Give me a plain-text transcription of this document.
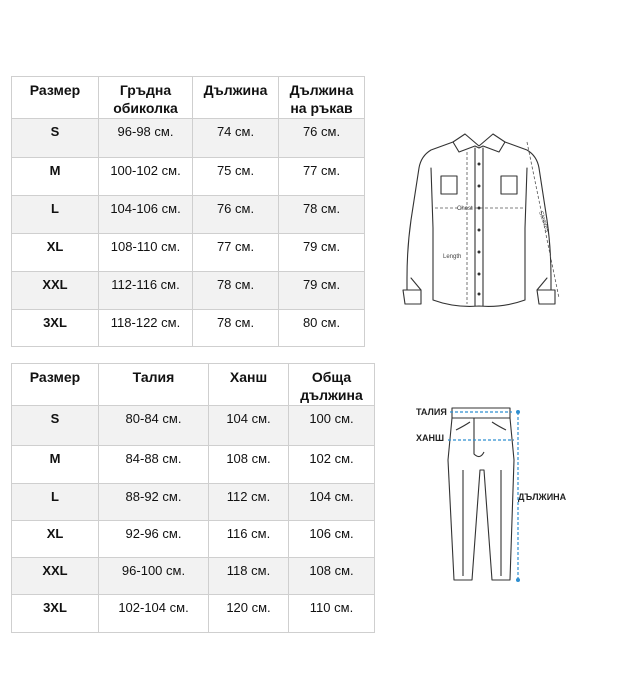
Размер	Гръдна обиколка	Дължина	Дължина на ръкав
S	96-98 см.	74 см.	76 см.
M	100-102 см.	75 см.	77 см.
L	104-106 см.	76 см.	78 см.
XL	108-110 см.	77 см.	79 см.
XXL	112-116 см.	78 см.	79 см.
3XL	118-122 см.	78 см.	80 см.
Размер	Талия	Ханш	Обща дължина
S	80-84 см.	104 см.	100 см.
M	84-88 см.	108 см.	102 см.
L	88-92 см.	112 см.	104 см.
XL	92-96 см.	116 см.	106 см.
XXL	96-100 см.	118 см.	108 см.
3XL	102-104 см.	120 см.	110 см.
Chest
Length
Sleeves
ТАЛИЯ
ХАНШ
ДЪЛЖИНА
